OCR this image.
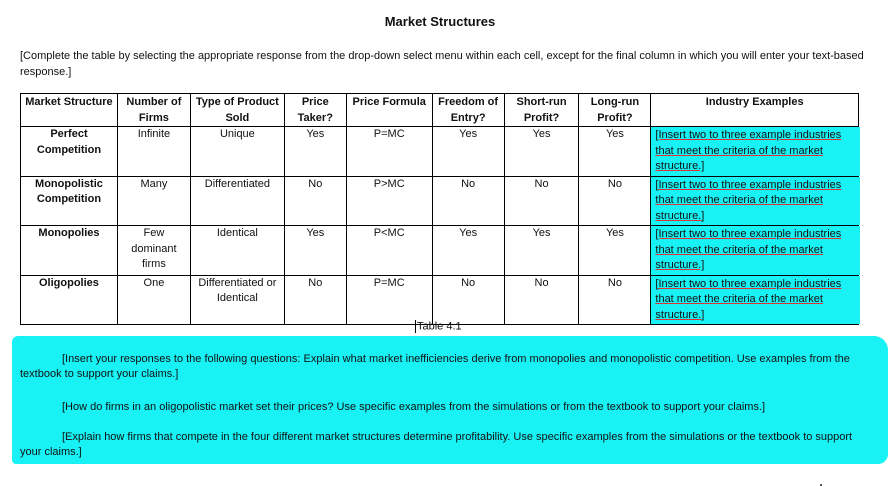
Market Structures
[Complete the table by selecting the appropriate response from the drop-down select menu within each cell, except for the final column in which you will enter your text-based response.]
Market Structure	Number of Firms	Type of Product Sold	Price Taker?	Price Formula	Freedom of Entry?	Short-run Profit?	Long-run Profit?	Industry Examples
Perfect Competition	Infinite	Unique	Yes	P=MC	Yes	Yes	Yes	[Insert two to three example industries that meet the criteria of the market structure.]

Monopolistic Competition	Many	Differentiated	No	P>MC	No	No	No	[Insert two to three example industries that meet the criteria of the market structure.]

Monopolies	Few dominant firms	Identical	Yes	P<MC	Yes	Yes	Yes	[Insert two to three example industries that meet the criteria of the market structure.]

Oligopolies	One	Differentiated or Identical	No	P=MC	No	No	No	[Insert two to three example industries that meet the criteria of the market structure.]
Table 4.1
[Insert your responses to the following questions: Explain what market inefficiencies derive from monopolies and monopolistic competition. Use examples from the textbook to support your claims.]
[How do firms in an oligopolistic market set their prices? Use specific examples from the simulations or from the textbook to support your claims.]
[Explain how firms that compete in the four different market structures determine profitability. Use specific examples from the simulations or the textbook to support your claims.]
